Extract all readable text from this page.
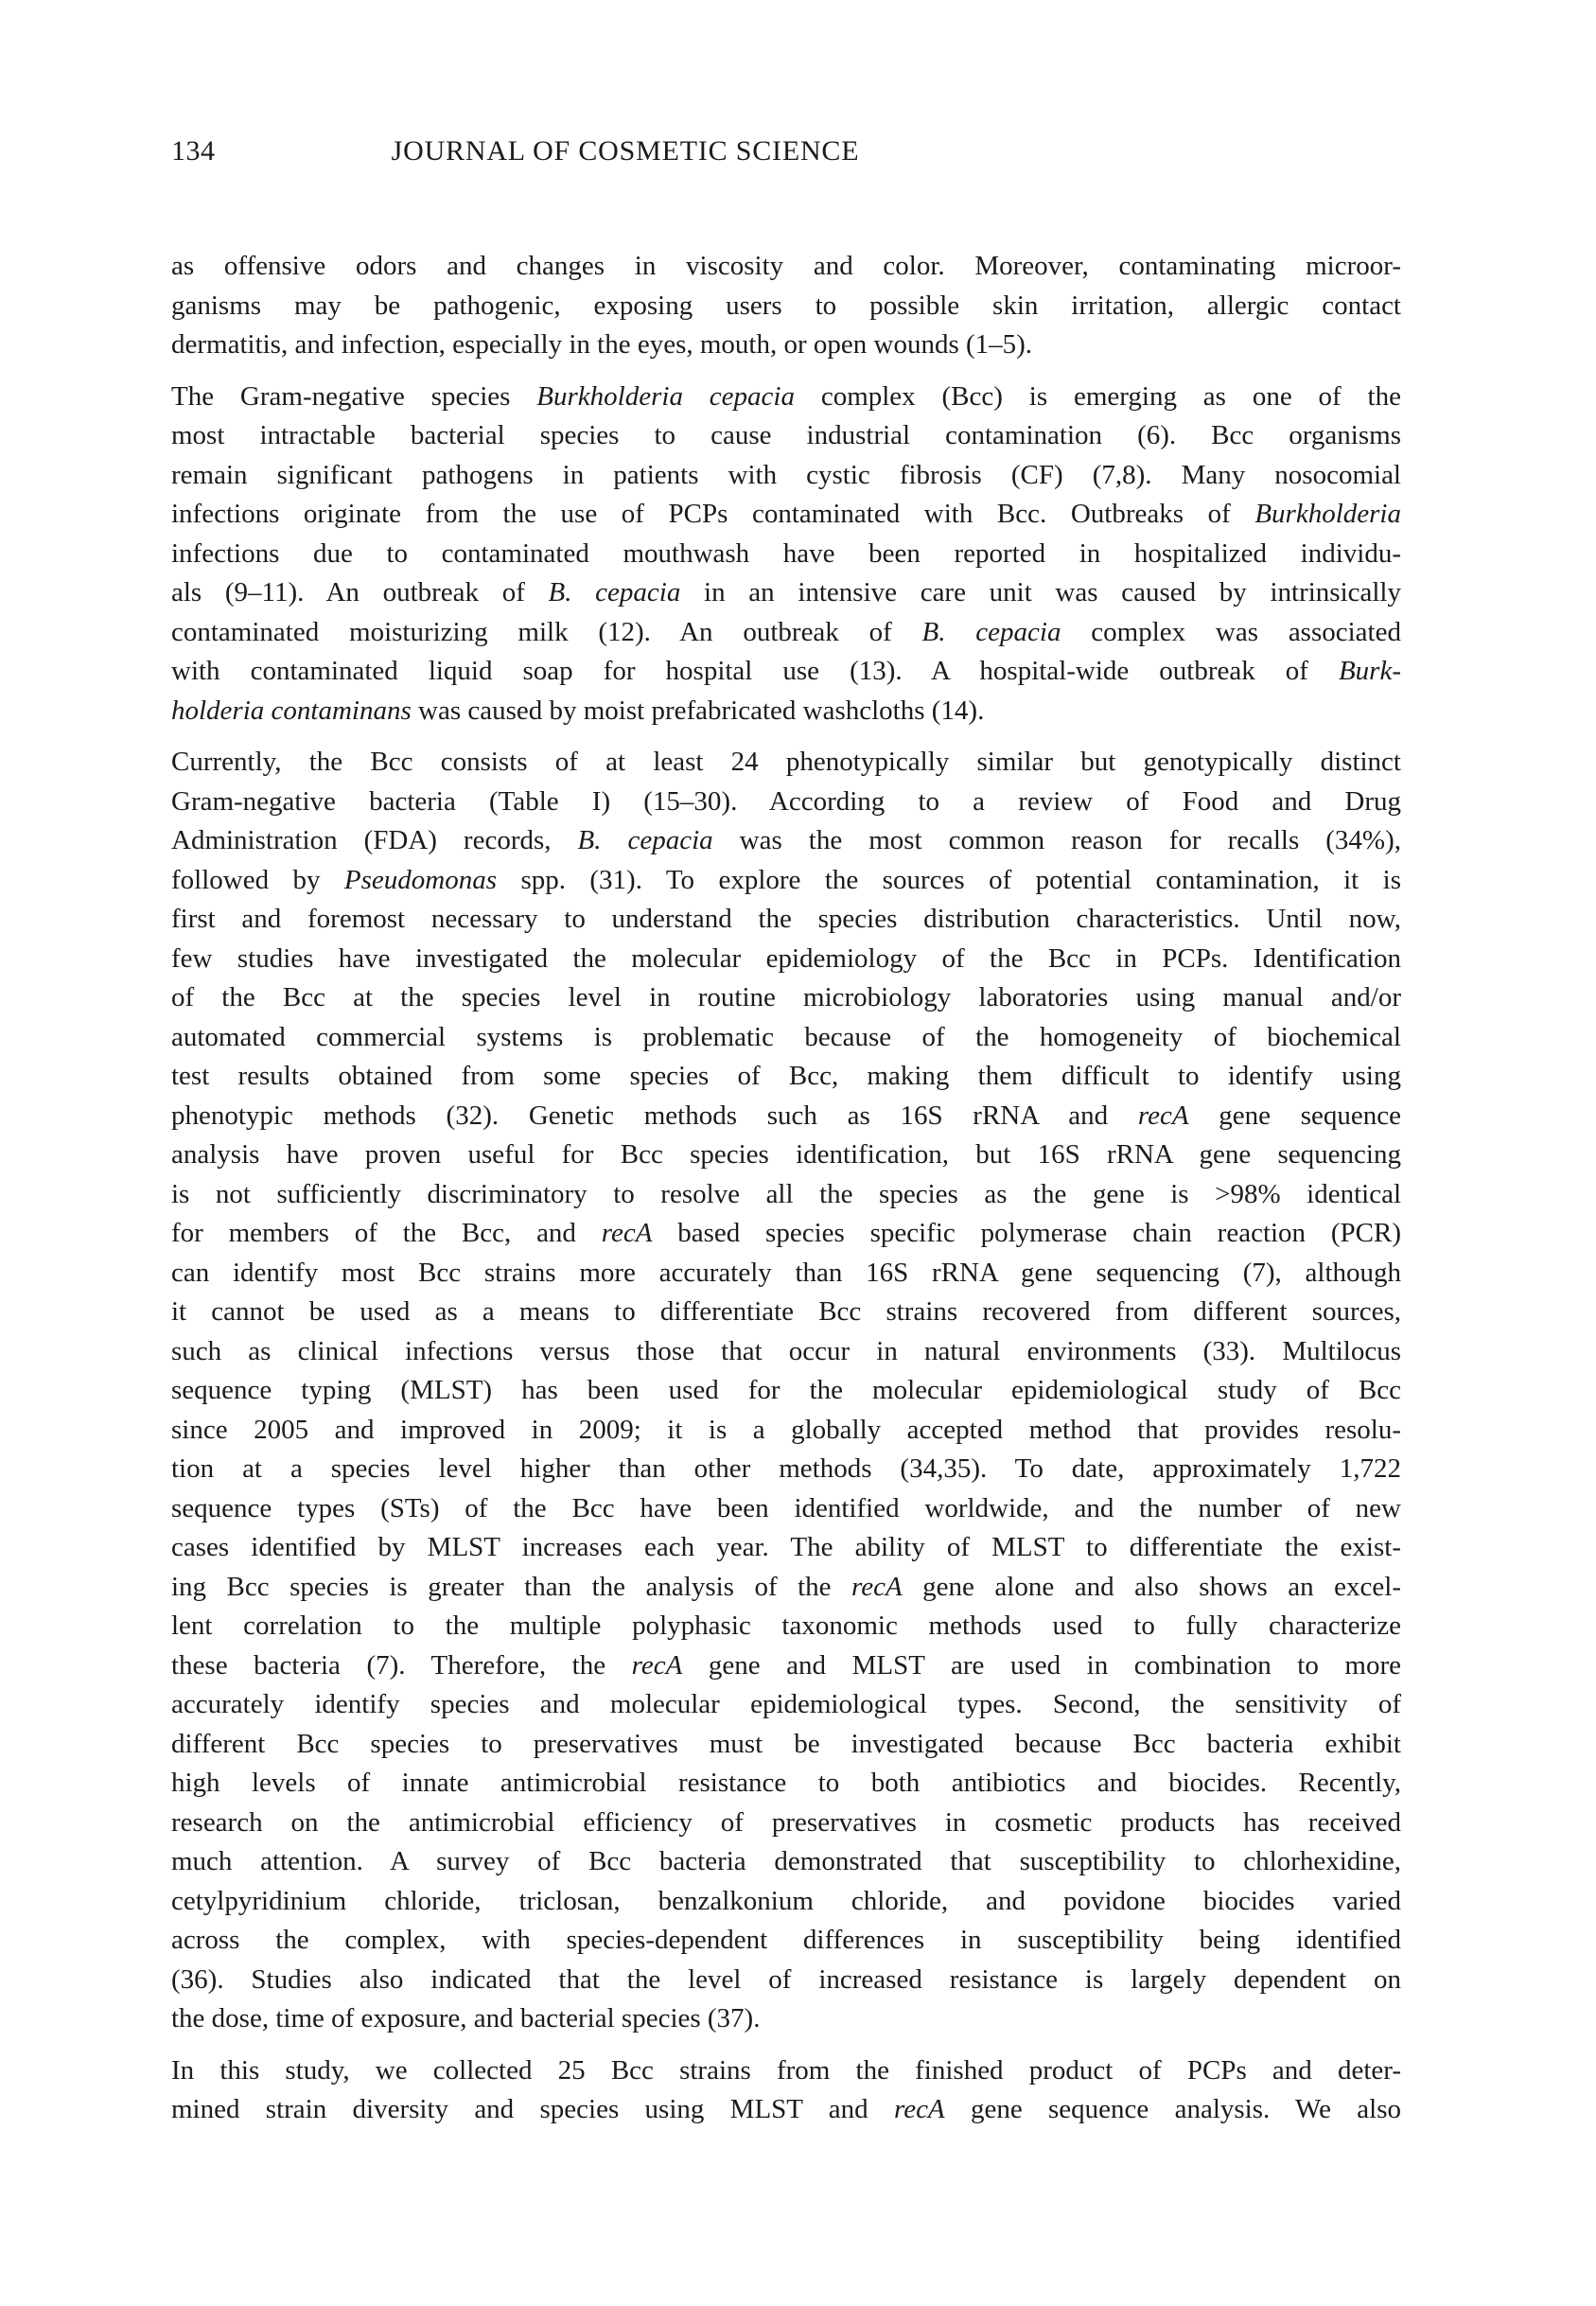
134	JOURNAL OF COSMETIC SCIENCE
as offensive odors and changes in viscosity and color. Moreover, contaminating microor-
ganisms may be pathogenic, exposing users to possible skin irritation, allergic contact
dermatitis, and infection, especially in the eyes, mouth, or open wounds (1–5).
The Gram-negative species Burkholderia cepacia complex (Bcc) is emerging as one of the
most intractable bacterial species to cause industrial contamination (6). Bcc organisms
remain significant pathogens in patients with cystic fibrosis (CF) (7,8). Many nosocomial
infections originate from the use of PCPs contaminated with Bcc. Outbreaks of Burkholderia
infections due to contaminated mouthwash have been reported in hospitalized individu-
als (9–11). An outbreak of B. cepacia in an intensive care unit was caused by intrinsically
contaminated moisturizing milk (12). An outbreak of B. cepacia complex was associated
with contaminated liquid soap for hospital use (13). A hospital-wide outbreak of Burk-
holderia contaminans was caused by moist prefabricated washcloths (14).
Currently, the Bcc consists of at least 24 phenotypically similar but genotypically distinct
Gram-negative bacteria (Table I) (15–30). According to a review of Food and Drug
Administration (FDA) records, B. cepacia was the most common reason for recalls (34%),
followed by Pseudomonas spp. (31). To explore the sources of potential contamination, it is
first and foremost necessary to understand the species distribution characteristics. Until now,
few studies have investigated the molecular epidemiology of the Bcc in PCPs. Identification
of the Bcc at the species level in routine microbiology laboratories using manual and/or
automated commercial systems is problematic because of the homogeneity of biochemical
test results obtained from some species of Bcc, making them difficult to identify using
phenotypic methods (32). Genetic methods such as 16S rRNA and recA gene sequence
analysis have proven useful for Bcc species identification, but 16S rRNA gene sequencing
is not sufficiently discriminatory to resolve all the species as the gene is >98% identical
for members of the Bcc, and recA based species specific polymerase chain reaction (PCR)
can identify most Bcc strains more accurately than 16S rRNA gene sequencing (7), although
it cannot be used as a means to differentiate Bcc strains recovered from different sources,
such as clinical infections versus those that occur in natural environments (33). Multilocus
sequence typing (MLST) has been used for the molecular epidemiological study of Bcc
since 2005 and improved in 2009; it is a globally accepted method that provides resolu-
tion at a species level higher than other methods (34,35). To date, approximately 1,722
sequence types (STs) of the Bcc have been identified worldwide, and the number of new
cases identified by MLST increases each year. The ability of MLST to differentiate the exist-
ing Bcc species is greater than the analysis of the recA gene alone and also shows an excel-
lent correlation to the multiple polyphasic taxonomic methods used to fully characterize
these bacteria (7). Therefore, the recA gene and MLST are used in combination to more
accurately identify species and molecular epidemiological types. Second, the sensitivity of
different Bcc species to preservatives must be investigated because Bcc bacteria exhibit
high levels of innate antimicrobial resistance to both antibiotics and biocides. Recently,
research on the antimicrobial efficiency of preservatives in cosmetic products has received
much attention. A survey of Bcc bacteria demonstrated that susceptibility to chlorhexidine,
cetylpyridinium chloride, triclosan, benzalkonium chloride, and povidone biocides varied
across the complex, with species-dependent differences in susceptibility being identified
(36). Studies also indicated that the level of increased resistance is largely dependent on
the dose, time of exposure, and bacterial species (37).
In this study, we collected 25 Bcc strains from the finished product of PCPs and deter-
mined strain diversity and species using MLST and recA gene sequence analysis. We also
